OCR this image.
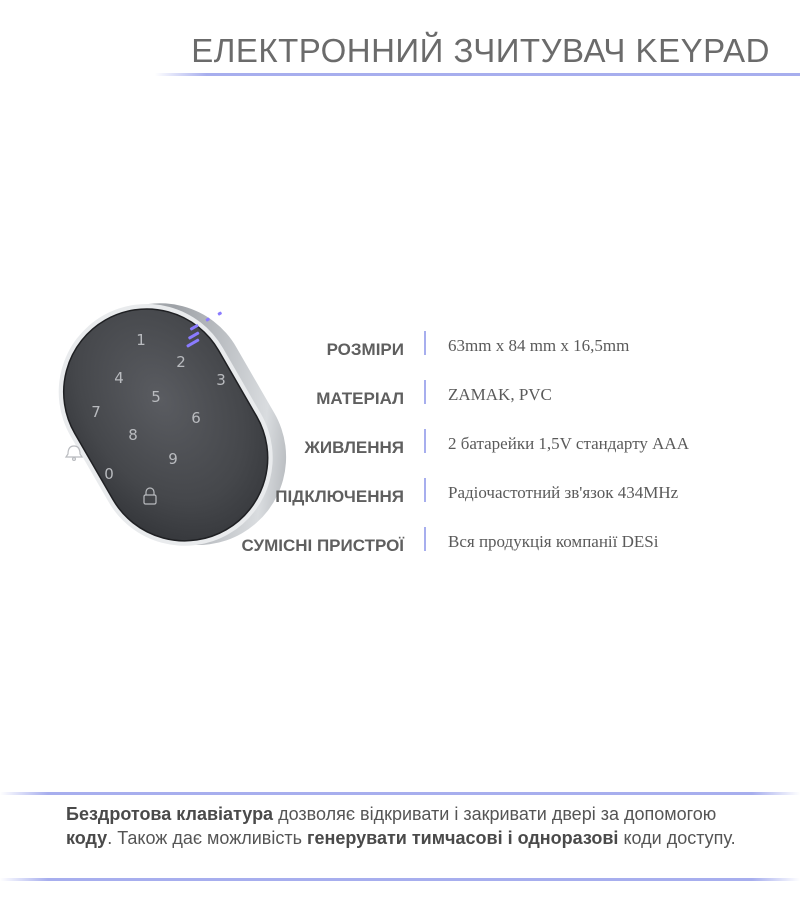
ЕЛЕКТРОННИЙ ЗЧИТУВАЧ KEYPAD
1
2
3
4
5
6
7
8
9
0
РОЗМІРИ	63mm x 84 mm x 16,5mm
МАТЕРІАЛ	ZAMAK, PVC
ЖИВЛЕННЯ	2 батарейки 1,5V стандарту AAA
ПІДКЛЮЧЕННЯ	Радіочастотний зв'язок 434MHz
СУМІСНІ ПРИСТРОЇ	Вся продукція компанії DESi

Бездротова клавіатура дозволяє відкривати і закривати двері за допомогою коду. Також дає можливість генерувати тимчасові і одноразові коди доступу.
